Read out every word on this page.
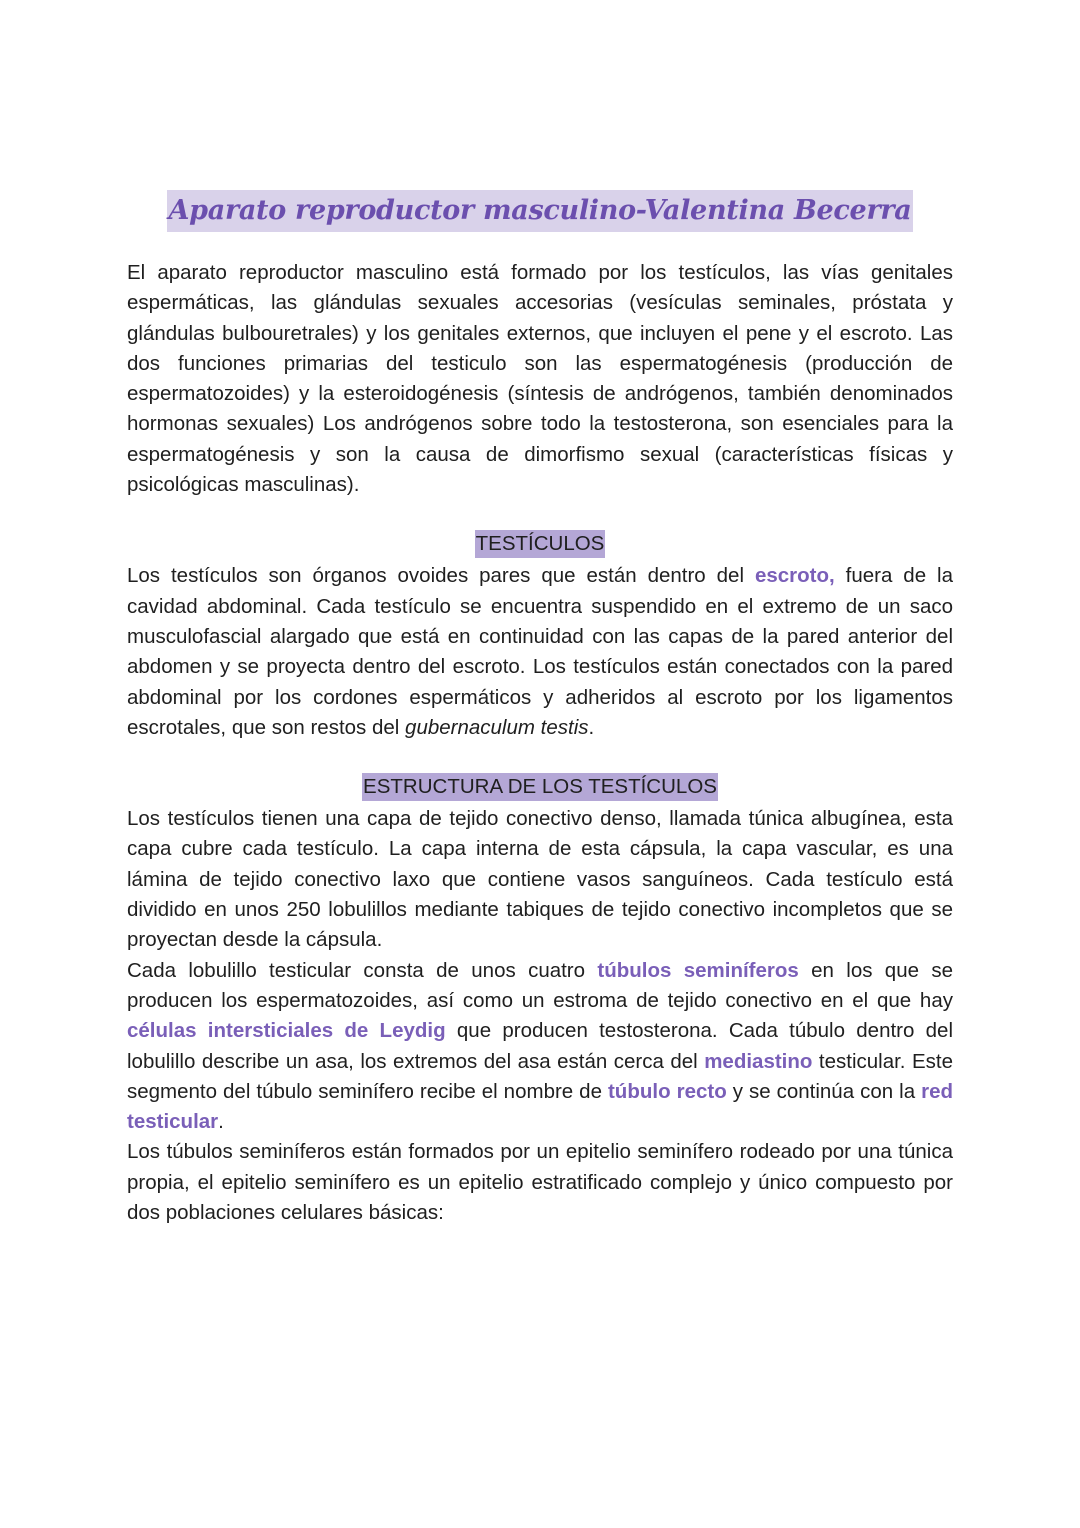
Aparato reproductor masculino-Valentina Becerra

El aparato reproductor masculino está formado por los testículos, las vías genitales espermáticas, las glándulas sexuales accesorias (vesículas seminales, próstata y glándulas bulbouretrales) y los genitales externos, que incluyen el pene y el escroto. Las dos funciones primarias del testiculo son las espermatogénesis (producción de espermatozoides) y la esteroidogénesis (síntesis de andrógenos, también denominados hormonas sexuales) Los andrógenos sobre todo la testosterona, son esenciales para la espermatogénesis y son la causa de dimorfismo sexual (características físicas y psicológicas masculinas).

TESTÍCULOS

Los testículos son órganos ovoides pares que están dentro del escroto, fuera de la cavidad abdominal. Cada testículo se encuentra suspendido en el extremo de un saco musculofascial alargado que está en continuidad con las capas de la pared anterior del abdomen y se proyecta dentro del escroto. Los testículos están conectados con la pared abdominal por los cordones espermáticos y adheridos al escroto por los ligamentos escrotales, que son restos del gubernaculum testis.

ESTRUCTURA DE LOS TESTÍCULOS

Los testículos tienen una capa de tejido conectivo denso, llamada túnica albugínea, esta capa cubre cada testículo. La capa interna de esta cápsula, la capa vascular, es una lámina de tejido conectivo laxo que contiene vasos sanguíneos. Cada testículo está dividido en unos 250 lobulillos mediante tabiques de tejido conectivo incompletos que se proyectan desde la cápsula.

Cada lobulillo testicular consta de unos cuatro túbulos seminíferos en los que se producen los espermatozoides, así como un estroma de tejido conectivo en el que hay células intersticiales de Leydig que producen testosterona. Cada túbulo dentro del lobulillo describe un asa, los extremos del asa están cerca del mediastino testicular. Este segmento del túbulo seminífero recibe el nombre de túbulo recto y se continúa con la red testicular.

Los túbulos seminíferos están formados por un epitelio seminífero rodeado por una túnica propia, el epitelio seminífero es un epitelio estratificado complejo y único compuesto por dos poblaciones celulares básicas:
